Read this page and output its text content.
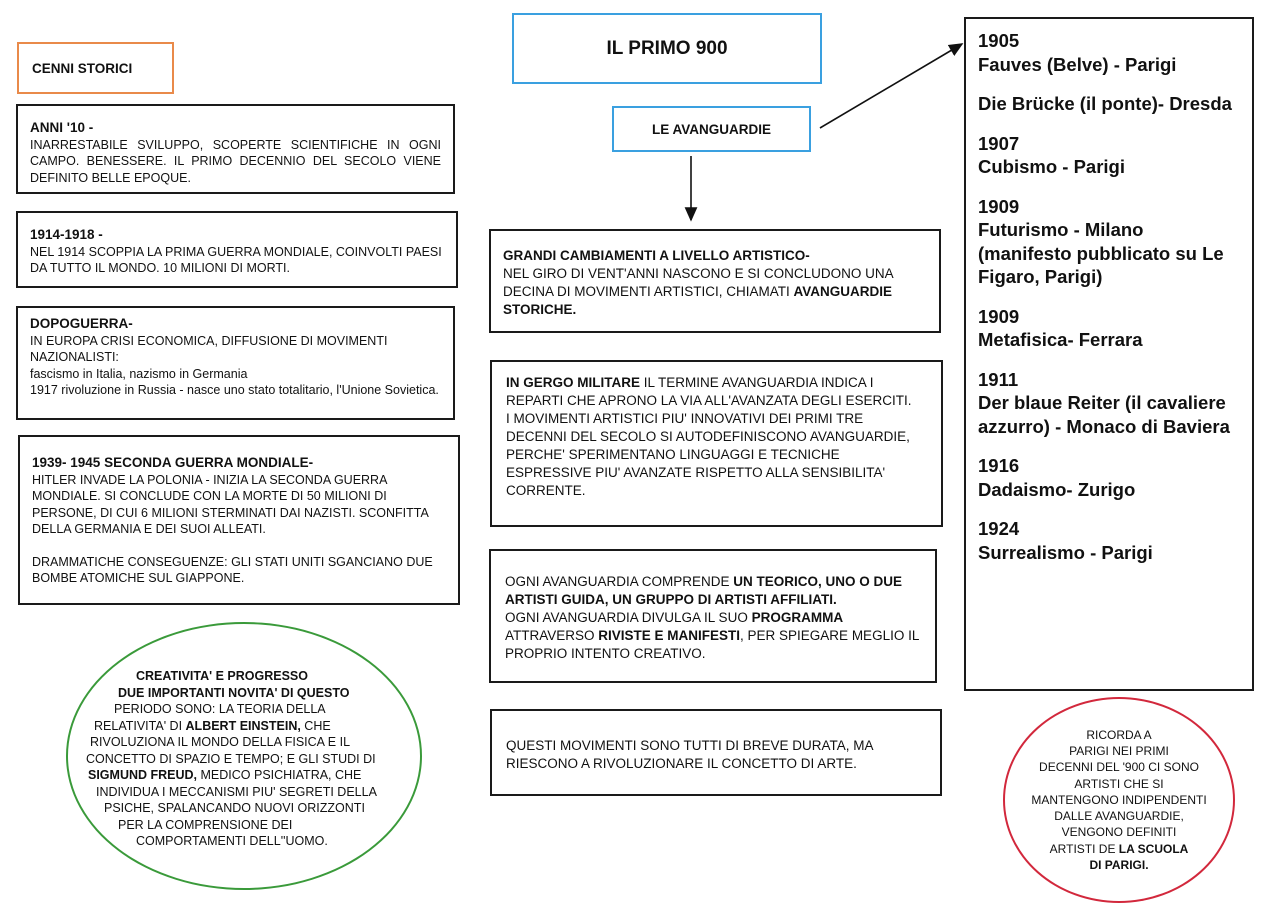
IL PRIMO 900
LE AVANGUARDIE
CENNI STORICI

ANNI '10 -

INARRESTABILE SVILUPPO, SCOPERTE SCIENTIFICHE IN OGNI CAMPO. BENESSERE. IL PRIMO DECENNIO DEL SECOLO VIENE DEFINITO BELLE EPOQUE.

1914-1918 -

NEL 1914 SCOPPIA LA PRIMA GUERRA MONDIALE, COINVOLTI PAESI DA TUTTO IL MONDO. 10 MILIONI DI MORTI.

DOPOGUERRA-

IN EUROPA CRISI ECONOMICA, DIFFUSIONE DI MOVIMENTI NAZIONALISTI:

fascismo in Italia, nazismo in Germania

1917 rivoluzione in Russia - nasce uno stato totalitario, l'Unione Sovietica.

1939- 1945 SECONDA GUERRA MONDIALE-

HITLER INVADE LA POLONIA - INIZIA LA SECONDA GUERRA MONDIALE. SI CONCLUDE CON LA MORTE DI 50 MILIONI DI PERSONE, DI CUI 6 MILIONI STERMINATI DAI NAZISTI. SCONFITTA DELLA GERMANIA E DEI SUOI ALLEATI.

DRAMMATICHE CONSEGUENZE: GLI STATI UNITI SGANCIANO DUE BOMBE ATOMICHE SUL GIAPPONE.

CREATIVITA' E PROGRESSO

DUE IMPORTANTI NOVITA' DI QUESTO

PERIODO SONO: LA TEORIA DELLA

RELATIVITA' DI ALBERT EINSTEIN, CHE

RIVOLUZIONA IL MONDO DELLA FISICA E IL

CONCETTO DI SPAZIO E TEMPO; E GLI STUDI DI

SIGMUND FREUD, MEDICO PSICHIATRA, CHE

INDIVIDUA I MECCANISMI PIU' SEGRETI DELLA

PSICHE, SPALANCANDO NUOVI ORIZZONTI

PER LA COMPRENSIONE DEI

COMPORTAMENTI DELL''UOMO.

GRANDI CAMBIAMENTI A LIVELLO ARTISTICO-

NEL GIRO DI VENT'ANNI NASCONO E SI CONCLUDONO UNA DECINA DI MOVIMENTI ARTISTICI, CHIAMATI AVANGUARDIE STORICHE.

IN GERGO MILITARE IL TERMINE AVANGUARDIA INDICA I REPARTI CHE APRONO LA VIA ALL'AVANZATA DEGLI ESERCITI.

I MOVIMENTI ARTISTICI PIU' INNOVATIVI DEI PRIMI TRE DECENNI DEL SECOLO SI AUTODEFINISCONO AVANGUARDIE, PERCHE' SPERIMENTANO LINGUAGGI E TECNICHE ESPRESSIVE PIU' AVANZATE RISPETTO ALLA SENSIBILITA' CORRENTE.

OGNI AVANGUARDIA COMPRENDE UN TEORICO, UNO O DUE ARTISTI GUIDA, UN GRUPPO DI ARTISTI AFFILIATI.

OGNI AVANGUARDIA DIVULGA IL SUO PROGRAMMA ATTRAVERSO RIVISTE E MANIFESTI, PER SPIEGARE MEGLIO IL PROPRIO INTENTO CREATIVO.

QUESTI MOVIMENTI SONO TUTTI DI BREVE DURATA, MA RIESCONO A RIVOLUZIONARE IL CONCETTO DI ARTE.

1905
Fauves (Belve) - Parigi
Die Brücke (il ponte)- Dresda
1907
Cubismo - Parigi
1909
Futurismo - Milano (manifesto pubblicato su Le Figaro, Parigi)
1909
Metafisica- Ferrara
1911
Der blaue Reiter (il cavaliere azzurro) - Monaco di Baviera
1916
Dadaismo- Zurigo
1924
Surrealismo - Parigi

RICORDA A

PARIGI NEI PRIMI

DECENNI DEL '900 CI SONO

ARTISTI CHE SI

MANTENGONO INDIPENDENTI

DALLE AVANGUARDIE,

VENGONO DEFINITI

ARTISTI DE LA SCUOLA

DI PARIGI.
